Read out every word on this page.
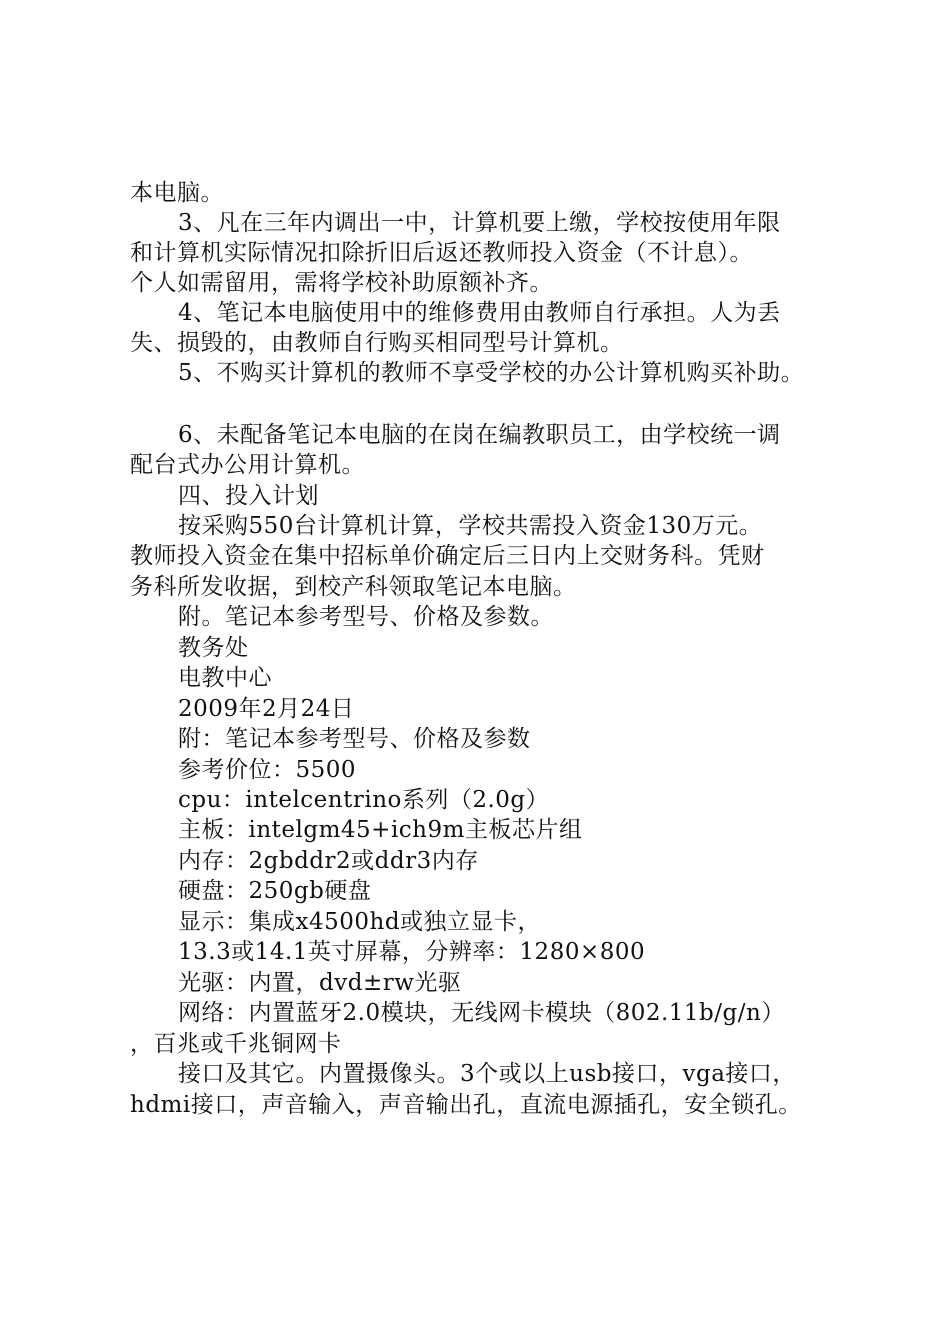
本电脑。
3、凡在三年内调出一中，计算机要上缴，学校按使用年限
和计算机实际情况扣除折旧后返还教师投入资金（不计息）。
个人如需留用，需将学校补助原额补齐。
4、笔记本电脑使用中的维修费用由教师自行承担。人为丢
失、损毁的，由教师自行购买相同型号计算机。
5、不购买计算机的教师不享受学校的办公计算机购买补助。
6、未配备笔记本电脑的在岗在编教职员工，由学校统一调
配台式办公用计算机。
四、投入计划
按采购550台计算机计算，学校共需投入资金130万元。
教师投入资金在集中招标单价确定后三日内上交财务科。凭财
务科所发收据，到校产科领取笔记本电脑。
附。笔记本参考型号、价格及参数。
教务处
电教中心
2009年2月24日
附：笔记本参考型号、价格及参数
参考价位：5500
cpu：intelcentrino系列（2.0g）
主板：intelgm45+ich9m主板芯片组
内存：2gbddr2或ddr3内存
硬盘：250gb硬盘
显示：集成x4500hd或独立显卡，
13.3或14.1英寸屏幕，分辨率：1280×800
光驱：内置，dvd±rw光驱
网络：内置蓝牙2.0模块，无线网卡模块（802.11b/g/n）
，百兆或千兆铜网卡
接口及其它。内置摄像头。3个或以上usb接口，vga接口，
hdmi接口，声音输入，声音输出孔，直流电源插孔，安全锁孔。
